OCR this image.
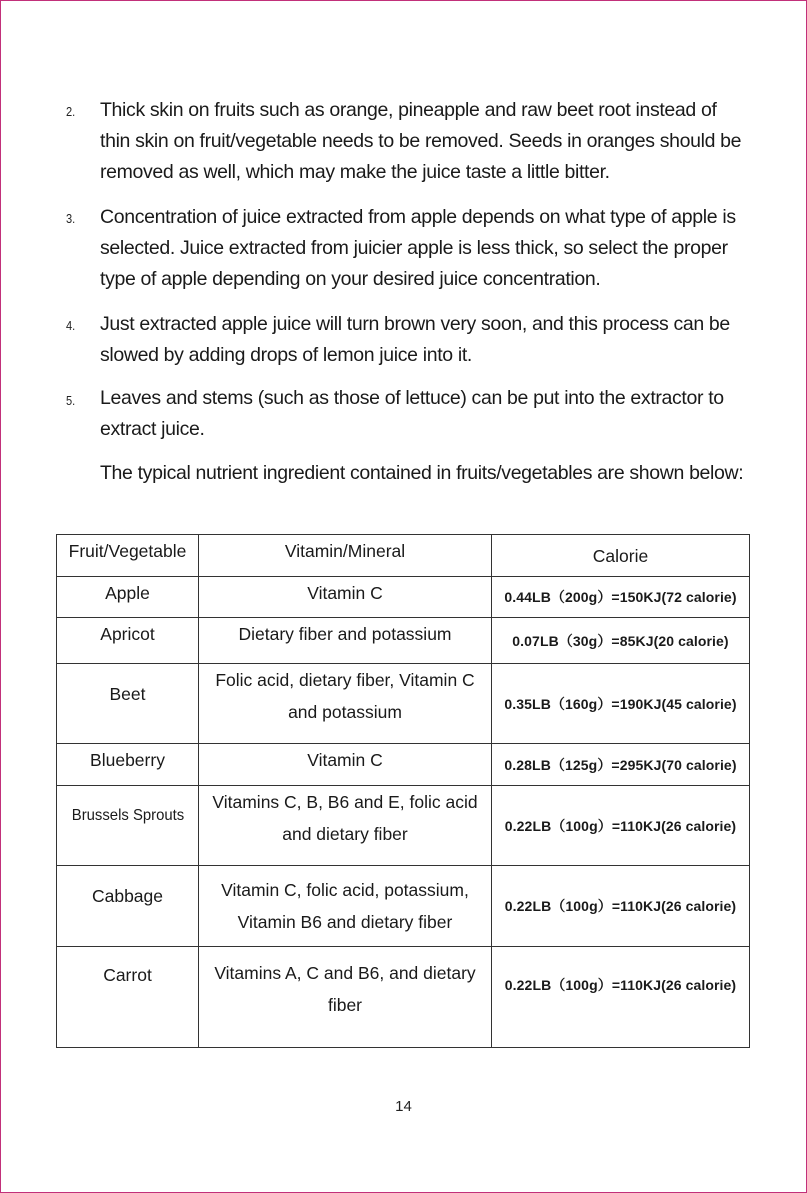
2. Thick skin on fruits such as orange, pineapple and raw beet root instead of thin skin on fruit/vegetable needs to be removed. Seeds in oranges should be removed as well, which may make the juice taste a little bitter.
3. Concentration of juice extracted from apple depends on what type of apple is selected. Juice extracted from juicier apple is less thick, so select the proper type of apple depending on your desired juice concentration.
4. Just extracted apple juice will turn brown very soon, and this process can be slowed by adding drops of lemon juice into it.
5. Leaves and stems (such as those of lettuce) can be put into the extractor to extract juice.
The typical nutrient ingredient contained in fruits/vegetables are shown below:
Fruit/Vegetable	Vitamin/Mineral	Calorie
Apple	Vitamin C	0.44LB（200g）=150KJ(72 calorie)
Apricot	Dietary fiber and potassium	0.07LB（30g）=85KJ(20 calorie)
Beet	Folic acid, dietary fiber, Vitamin C and potassium	0.35LB（160g）=190KJ(45 calorie)
Blueberry	Vitamin C	0.28LB（125g）=295KJ(70 calorie)
Brussels Sprouts	Vitamins C, B, B6 and E, folic acid and dietary fiber	0.22LB（100g）=110KJ(26 calorie)
Cabbage	Vitamin C, folic acid, potassium, Vitamin B6 and dietary fiber	0.22LB（100g）=110KJ(26 calorie)
Carrot	Vitamins A, C and B6, and dietary fiber	0.22LB（100g）=110KJ(26 calorie)
14
